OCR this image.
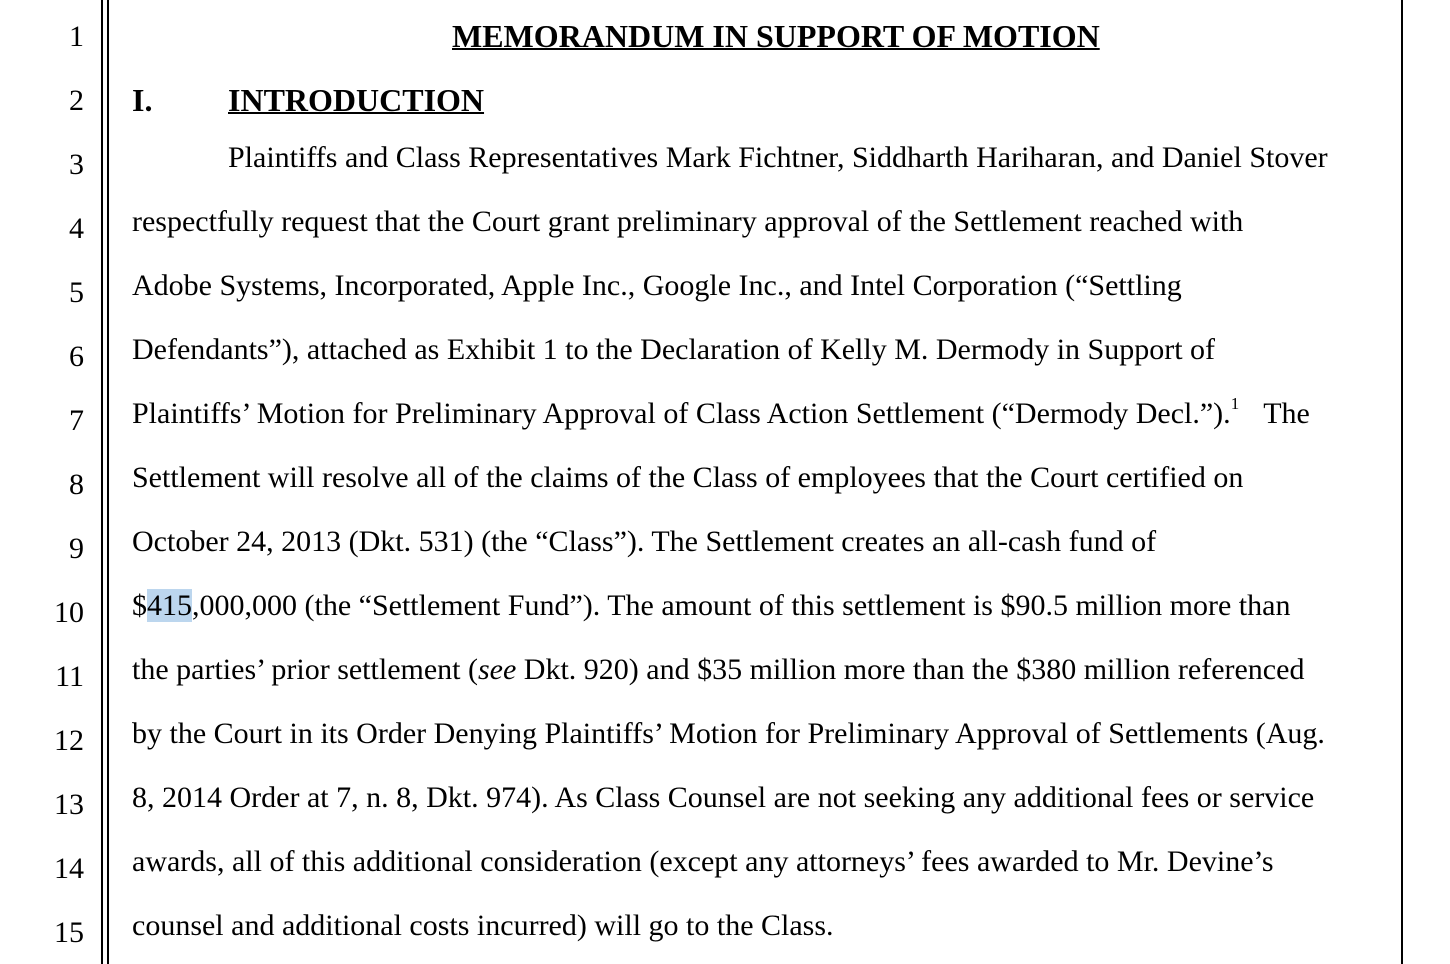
1
2
3
4
5
6
7
8
9
10
11
12
13
14
15
MEMORANDUM IN SUPPORT OF MOTION
I. INTRODUCTION
Plaintiffs and Class Representatives Mark Fichtner, Siddharth Hariharan, and Daniel Stover
respectfully request that the Court grant preliminary approval of the Settlement reached with
Adobe Systems, Incorporated, Apple Inc., Google Inc., and Intel Corporation (“Settling
Defendants”), attached as Exhibit 1 to the Declaration of Kelly M. Dermody in Support of
Plaintiffs’ Motion for Preliminary Approval of Class Action Settlement (“Dermody Decl.”).$^1$ The
Settlement will resolve all of the claims of the Class of employees that the Court certified on
October 24, 2013 (Dkt. 531) (the “Class”). The Settlement creates an all-cash fund of
$415,000,000 (the “Settlement Fund”). The amount of this settlement is $90.5 million more than
the parties’ prior settlement (see Dkt. 920) and $35 million more than the $380 million referenced
by the Court in its Order Denying Plaintiffs’ Motion for Preliminary Approval of Settlements (Aug.
8, 2014 Order at 7, n. 8, Dkt. 974). As Class Counsel are not seeking any additional fees or service
awards, all of this additional consideration (except any attorneys’ fees awarded to Mr. Devine’s
counsel and additional costs incurred) will go to the Class.
